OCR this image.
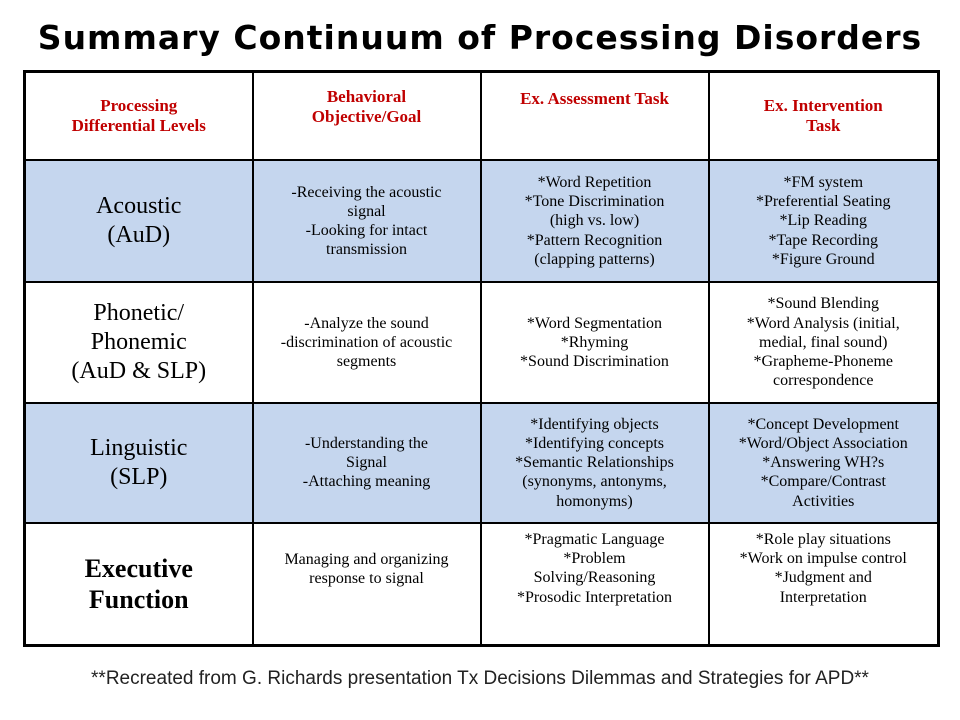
Summary Continuum of Processing Disorders
Processing
Differential Levels	Behavioral
Objective/Goal	Ex. Assessment Task	Ex. Intervention
Task

Acoustic
(AuD)	-Receiving the acoustic
signal
-Looking for intact
transmission	*Word Repetition
*Tone Discrimination
(high vs. low)
*Pattern Recognition
(clapping patterns)	*FM system
*Preferential Seating
*Lip Reading
*Tape Recording
*Figure Ground

Phonetic/
Phonemic
(AuD & SLP)	-Analyze the sound
-discrimination of acoustic
segments	*Word Segmentation
*Rhyming
*Sound Discrimination	*Sound Blending
*Word Analysis (initial,
medial, final sound)
*Grapheme-Phoneme
correspondence

Linguistic
(SLP)	-Understanding the
Signal
-Attaching meaning	*Identifying objects
*Identifying concepts
*Semantic Relationships
(synonyms, antonyms,
homonyms)	*Concept Development
*Word/Object Association
*Answering WH?s
*Compare/Contrast
Activities

Executive
Function	Managing and organizing
response to signal	*Pragmatic Language
*Problem
Solving/Reasoning
*Prosodic Interpretation	*Role play situations
*Work on impulse control
*Judgment and
Interpretation
**Recreated from G. Richards presentation Tx Decisions Dilemmas and Strategies for APD**
